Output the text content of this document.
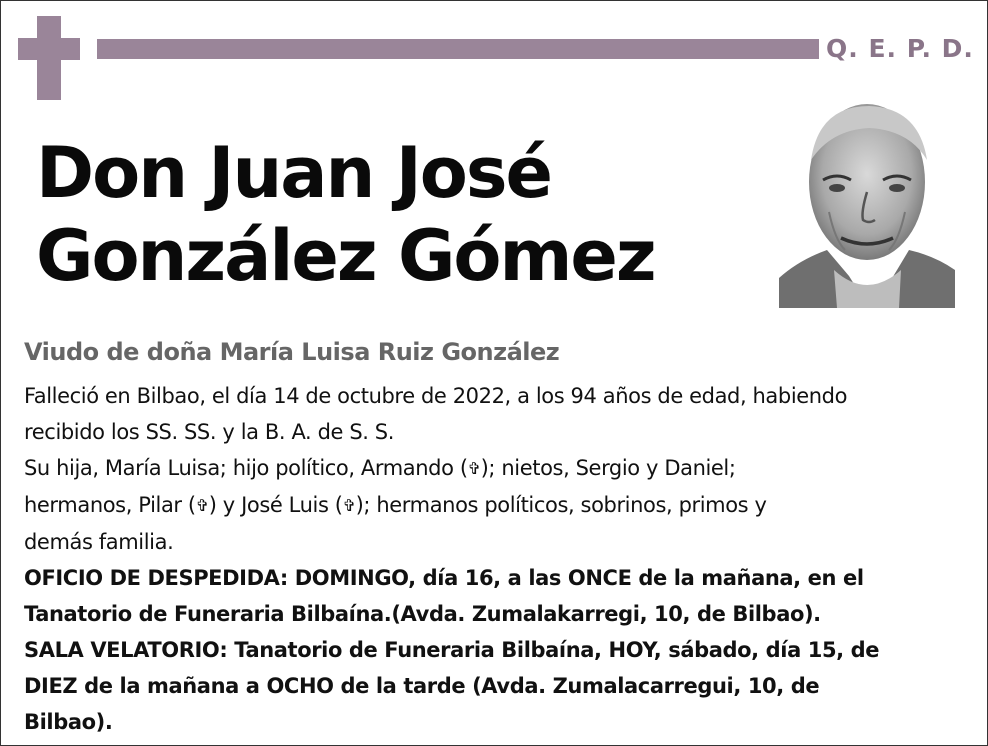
Q. E. P. D.
Don Juan José
González Gómez
Viudo de doña María Luisa Ruiz González

Falleció en Bilbao, el día 14 de octubre de 2022, a los 94 años de edad, habiendo
recibido los SS. SS. y la B. A. de S. S.

Su hija, María Luisa; hijo político, Armando (✞); nietos, Sergio y Daniel;
hermanos, Pilar (✞) y José Luis (✞); hermanos políticos, sobrinos, primos y
demás familia.

OFICIO DE DESPEDIDA: DOMINGO, día 16, a las ONCE de la mañana, en el
Tanatorio de Funeraria Bilbaína.(Avda. Zumalakarregi, 10, de Bilbao).

SALA VELATORIO: Tanatorio de Funeraria Bilbaína, HOY, sábado, día 15, de
DIEZ de la mañana a OCHO de la tarde (Avda. Zumalacarregui, 10, de
Bilbao).
